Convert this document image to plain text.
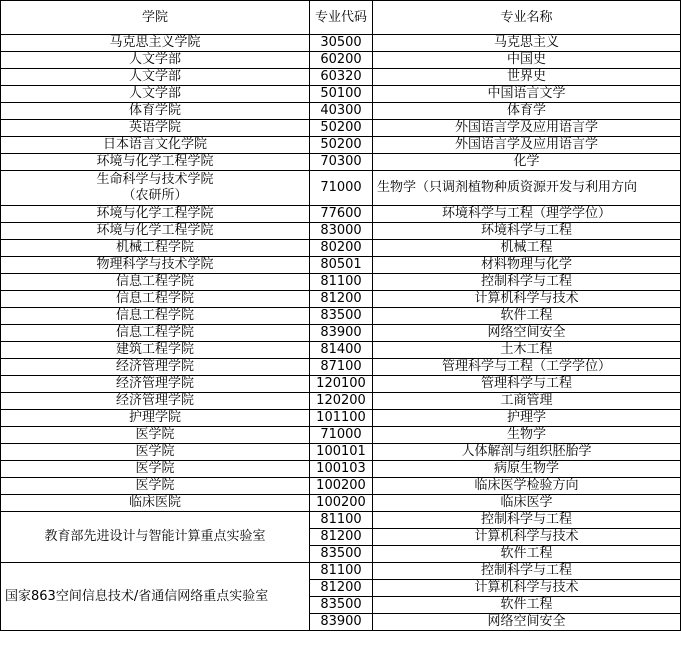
学院	专业代码	专业名称
马克思主义学院	30500	马克思主义
人文学部	60200	中国史
人文学部	60320	世界史
人文学部	50100	中国语言文学
体育学院	40300	体育学
英语学院	50200	外国语言学及应用语言学
日本语言文化学院	50200	外国语言学及应用语言学
环境与化学工程学院	70300	化学

生命科学与技术学院
（农研所）	71000	生物学（只调剂植物种质资源开发与利用方向
环境与化学工程学院	77600	环境科学与工程（理学学位）
环境与化学工程学院	83000	环境科学与工程
机械工程学院	80200	机械工程
物理科学与技术学院	80501	材料物理与化学
信息工程学院	81100	控制科学与工程
信息工程学院	81200	计算机科学与技术
信息工程学院	83500	软件工程
信息工程学院	83900	网络空间安全
建筑工程学院	81400	土木工程
经济管理学院	87100	管理科学与工程（工学学位）
经济管理学院	120100	管理科学与工程
经济管理学院	120200	工商管理
护理学院	101100	护理学
医学院	71000	生物学
医学院	100101	人体解剖与组织胚胎学
医学院	100103	病原生物学
医学院	100200	临床医学检验方向
临床医院	100200	临床医学
教育部先进设计与智能计算重点实验室	81100	控制科学与工程
	81200	计算机科学与技术
	83500	软件工程
国家863空间信息技术/省通信网络重点实验室	81100	控制科学与工程
	81200	计算机科学与技术
	83500	软件工程
	83900	网络空间安全
